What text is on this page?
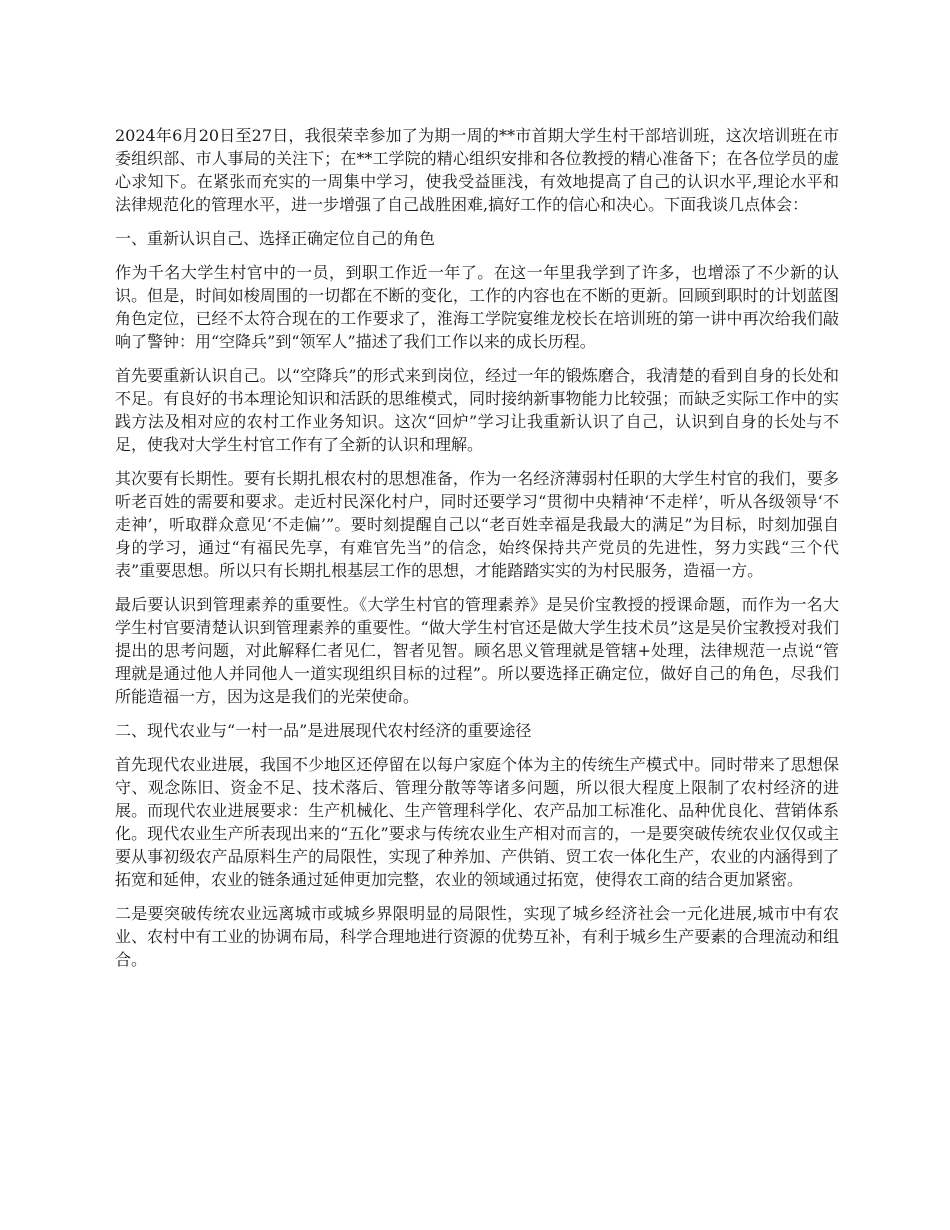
2024年6月20日至27日，我很荣幸参加了为期一周的**市首期大学生村干部培训班，这次培训班在市委组织部、市人事局的关注下；在**工学院的精心组织安排和各位教授的精心准备下；在各位学员的虚心求知下。在紧张而充实的一周集中学习，使我受益匪浅，有效地提高了自己的认识水平,理论水平和法律规范化的管理水平，进一步增强了自己战胜困难,搞好工作的信心和决心。下面我谈几点体会：

一、重新认识自己、选择正确定位自己的角色

作为千名大学生村官中的一员，到职工作近一年了。在这一年里我学到了许多，也增添了不少新的认识。但是，时间如梭周围的一切都在不断的变化，工作的内容也在不断的更新。回顾到职时的计划蓝图角色定位，已经不太符合现在的工作要求了，淮海工学院宴维龙校长在培训班的第一讲中再次给我们敲响了警钟：用“空降兵”到“领军人”描述了我们工作以来的成长历程。

首先要重新认识自己。以“空降兵”的形式来到岗位，经过一年的锻炼磨合，我清楚的看到自身的长处和不足。有良好的书本理论知识和活跃的思维模式，同时接纳新事物能力比较强；而缺乏实际工作中的实践方法及相对应的农村工作业务知识。这次“回炉”学习让我重新认识了自己，认识到自身的长处与不足，使我对大学生村官工作有了全新的认识和理解。

其次要有长期性。要有长期扎根农村的思想准备，作为一名经济薄弱村任职的大学生村官的我们，要多听老百姓的需要和要求。走近村民深化村户，同时还要学习“贯彻中央精神‘不走样’，听从各级领导‘不走神’，听取群众意见‘不走偏’”。要时刻提醒自己以“老百姓幸福是我最大的满足”为目标，时刻加强自身的学习，通过“有福民先享，有难官先当”的信念，始终保持共产党员的先进性，努力实践“三个代表”重要思想。所以只有长期扎根基层工作的思想，才能踏踏实实的为村民服务，造福一方。

最后要认识到管理素养的重要性。《大学生村官的管理素养》是吴价宝教授的授课命题，而作为一名大学生村官要清楚认识到管理素养的重要性。“做大学生村官还是做大学生技术员”这是吴价宝教授对我们提出的思考问题，对此解释仁者见仁，智者见智。顾名思义管理就是管辖+处理，法律规范一点说“管理就是通过他人并同他人一道实现组织目标的过程”。所以要选择正确定位，做好自己的角色，尽我们所能造福一方，因为这是我们的光荣使命。

二、现代农业与“一村一品”是进展现代农村经济的重要途径

首先现代农业进展，我国不少地区还停留在以每户家庭个体为主的传统生产模式中。同时带来了思想保守、观念陈旧、资金不足、技术落后、管理分散等等诸多问题，所以很大程度上限制了农村经济的进展。而现代农业进展要求：生产机械化、生产管理科学化、农产品加工标准化、品种优良化、营销体系化。现代农业生产所表现出来的“五化”要求与传统农业生产相对而言的，一是要突破传统农业仅仅或主要从事初级农产品原料生产的局限性，实现了种养加、产供销、贸工农一体化生产，农业的内涵得到了拓宽和延伸，农业的链条通过延伸更加完整，农业的领域通过拓宽，使得农工商的结合更加紧密。

二是要突破传统农业远离城市或城乡界限明显的局限性，实现了城乡经济社会一元化进展,城市中有农业、农村中有工业的协调布局，科学合理地进行资源的优势互补，有利于城乡生产要素的合理流动和组合。
